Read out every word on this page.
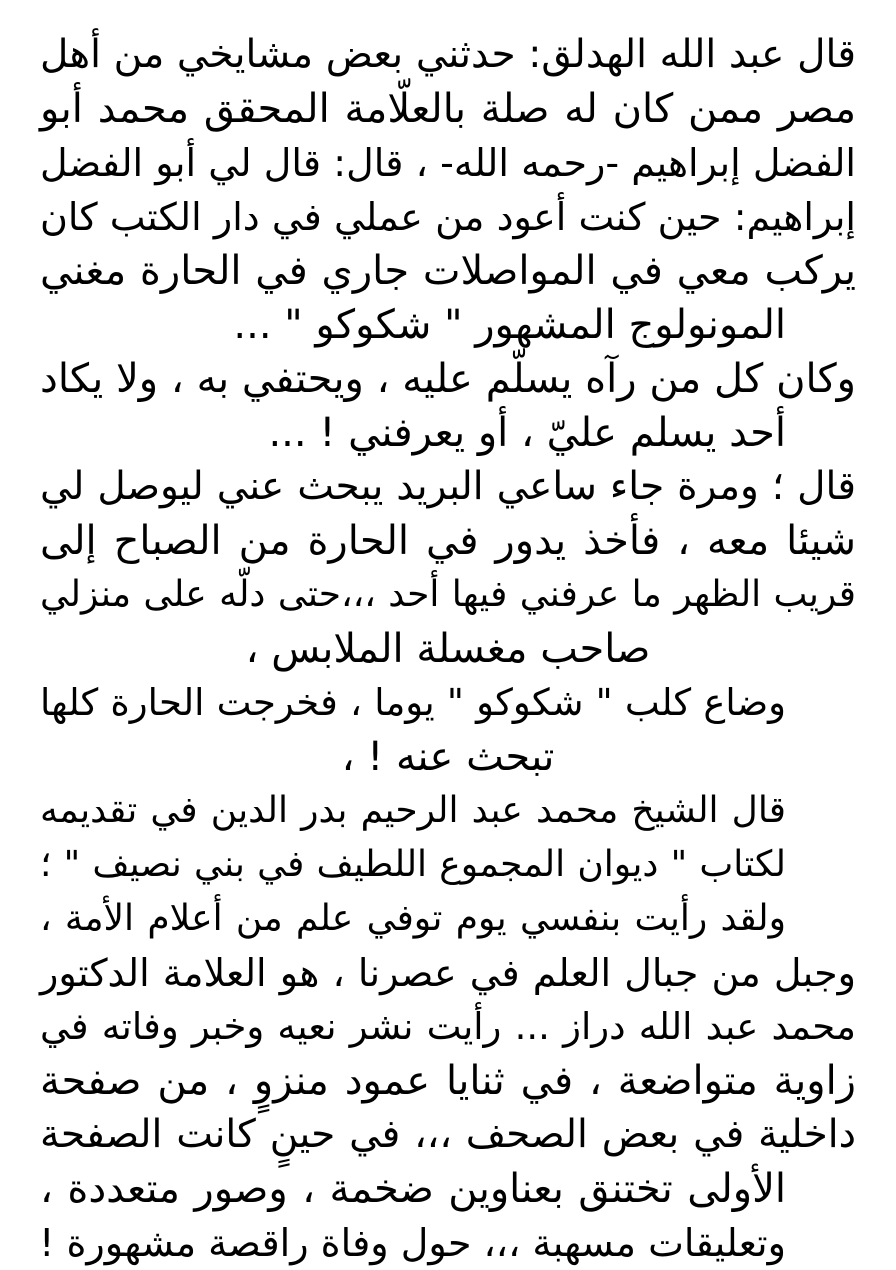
قال عبد الله الهدلق: حدثني بعض مشايخي من أهل
مصر ممن كان له صلة بالعلّامة المحقق محمد أبو
الفضل إبراهيم -رحمه الله- ، قال: قال لي أبو الفضل
إبراهيم: حين كنت أعود من عملي في دار الكتب كان
يركب معي في المواصلات جاري في الحارة مغني
المونولوج المشهور " شكوكو " ...
وكان كل من رآه يسلّم عليه ، ويحتفي به ، ولا يكاد
أحد يسلم عليّ ، أو يعرفني ! ...
قال ؛ ومرة جاء ساعي البريد يبحث عني ليوصل لي
شيئا معه ، فأخذ يدور في الحارة من الصباح إلى
قريب الظهر ما عرفني فيها أحد ،،،حتى دلّه على منزلي
صاحب مغسلة الملابس ،
وضاع كلب " شكوكو " يوما ، فخرجت الحارة كلها
تبحث عنه ! ،
قال الشيخ محمد عبد الرحيم بدر الدين في تقديمه
لكتاب " ديوان المجموع اللطيف في بني نصيف " ؛
ولقد رأيت بنفسي يوم توفي علم من أعلام الأمة ،
وجبل من جبال العلم في عصرنا ، هو العلامة الدكتور
محمد عبد الله دراز ... رأيت نشر نعيه وخبر وفاته في
زاوية متواضعة ، في ثنايا عمود منزوٍ ، من صفحة
داخلية في بعض الصحف ،،، في حينٍ كانت الصفحة
الأولى تختنق بعناوين ضخمة ، وصور متعددة ،
وتعليقات مسهبة ،،، حول وفاة راقصة مشهورة !
